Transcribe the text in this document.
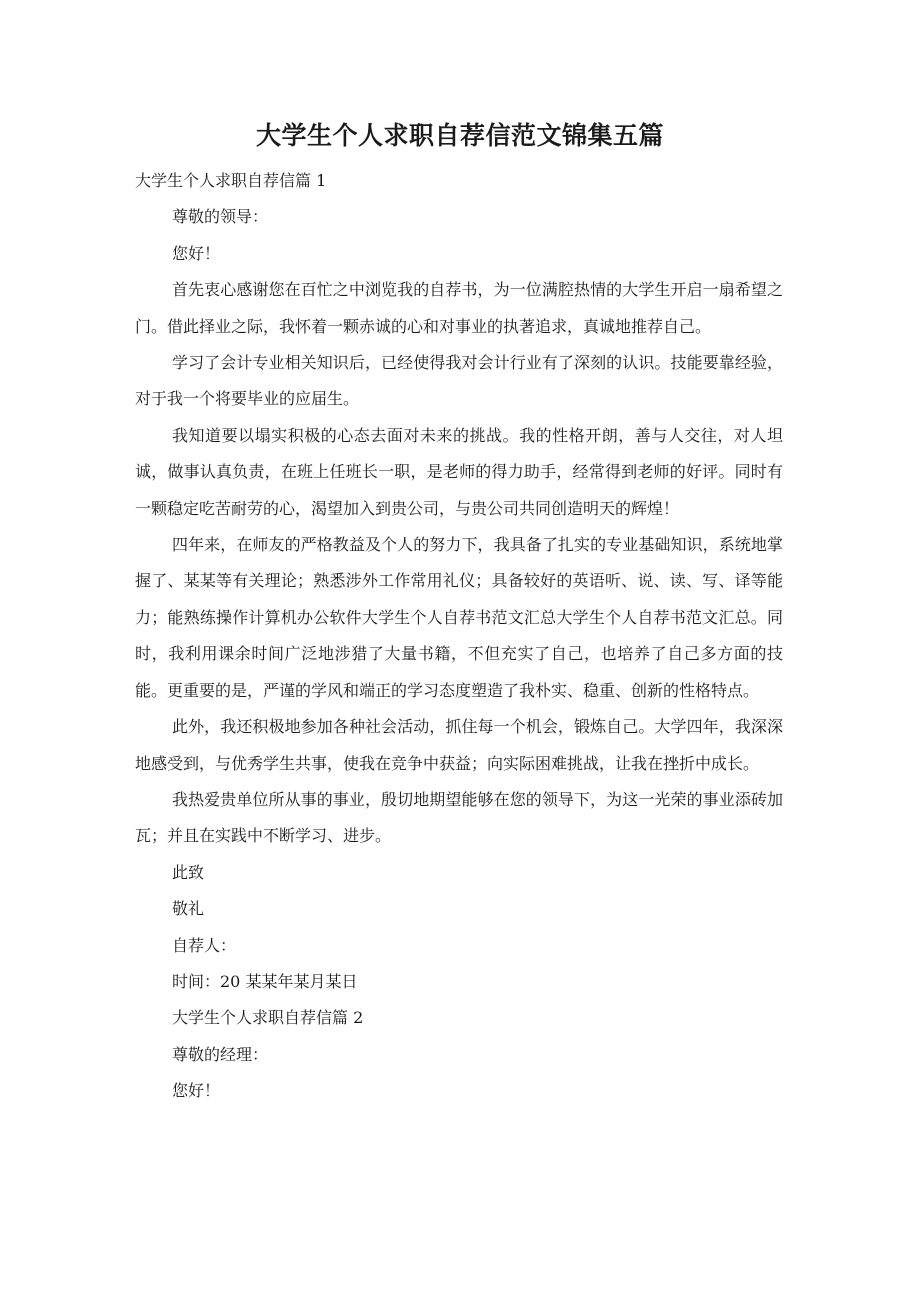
大学生个人求职自荐信范文锦集五篇

大学生个人求职自荐信篇 1

尊敬的领导：

您好！

首先衷心感谢您在百忙之中浏览我的自荐书，为一位满腔热情的大学生开启一扇希望之门。借此择业之际，我怀着一颗赤诚的心和对事业的执著追求，真诚地推荐自己。

学习了会计专业相关知识后，已经使得我对会计行业有了深刻的认识。技能要靠经验，对于我一个将要毕业的应届生。

我知道要以塌实积极的心态去面对未来的挑战。我的性格开朗，善与人交往，对人坦诚，做事认真负责，在班上任班长一职，是老师的得力助手，经常得到老师的好评。同时有一颗稳定吃苦耐劳的心，渴望加入到贵公司，与贵公司共同创造明天的辉煌！

四年来，在师友的严格教益及个人的努力下，我具备了扎实的专业基础知识，系统地掌握了、某某等有关理论；熟悉涉外工作常用礼仪；具备较好的英语听、说、读、写、译等能力；能熟练操作计算机办公软件大学生个人自荐书范文汇总大学生个人自荐书范文汇总。同时，我利用课余时间广泛地涉猎了大量书籍，不但充实了自己，也培养了自己多方面的技能。更重要的是，严谨的学风和端正的学习态度塑造了我朴实、稳重、创新的性格特点。

此外，我还积极地参加各种社会活动，抓住每一个机会，锻炼自己。大学四年，我深深地感受到，与优秀学生共事，使我在竞争中获益；向实际困难挑战，让我在挫折中成长。

我热爱贵单位所从事的事业，殷切地期望能够在您的领导下，为这一光荣的事业添砖加瓦；并且在实践中不断学习、进步。

此致

敬礼

自荐人：

时间：20 某某年某月某日

大学生个人求职自荐信篇 2

尊敬的经理：

您好！
